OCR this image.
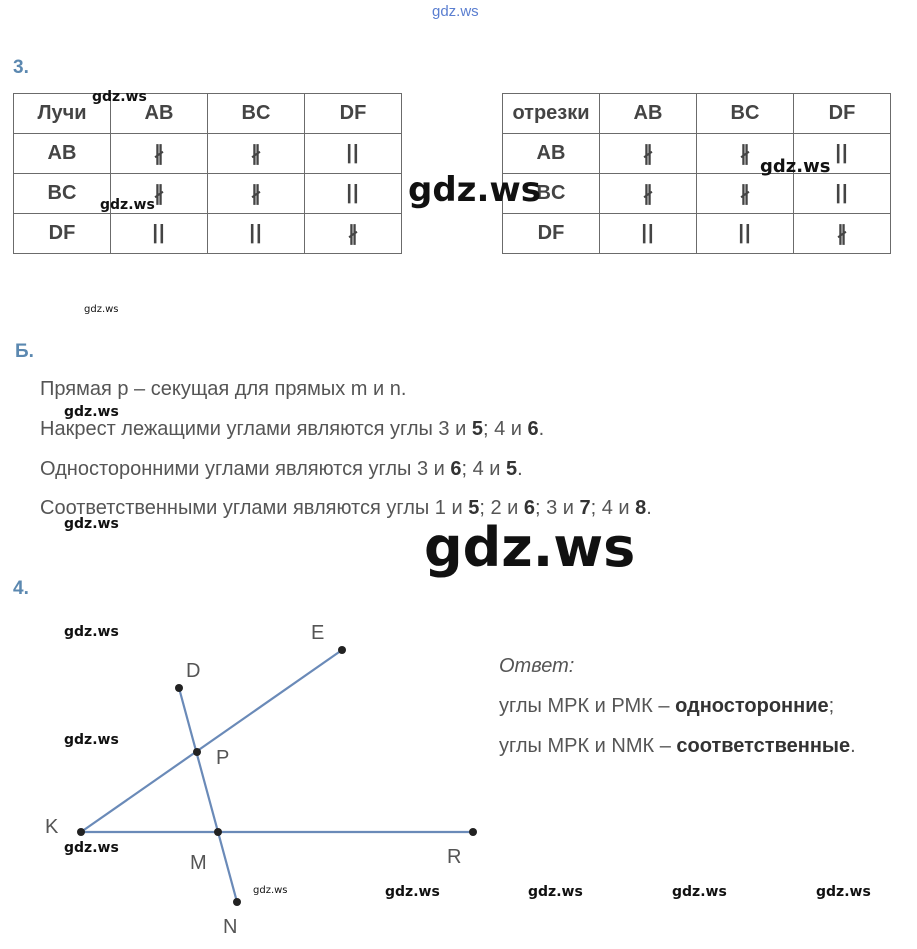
gdz.ws
3.
Лучи	AB	BC	DF
AB	∦	∦	||
BC	∦	∦	||
DF	||	||	∦
отрезки	AB	BC	DF
AB	∦	∦	||
BC	∦	∦	||
DF	||	||	∦
Б.
Прямая р – секущая для прямых m и n.
Накрест лежащими углами являются углы 3 и 5; 4 и 6.
Односторонними углами являются углы 3 и 6; 4 и 5.
Соответственными углами являются углы 1 и 5; 2 и 6; 3 и 7; 4 и 8.
4.
E
D
P
K
M	R
N
Ответ:
углы МРК и РМК – односторонние;
углы МРК и NМК – соответственные.
gdz.ws
gdz.ws	gdz.ws
gdz.ws
gdz.ws
gdz.ws
gdz.ws	gdz.ws
gdz.ws
gdz.ws
gdz.ws
gdz.ws	gdz.ws	gdz.ws	gdz.ws	gdz.ws
